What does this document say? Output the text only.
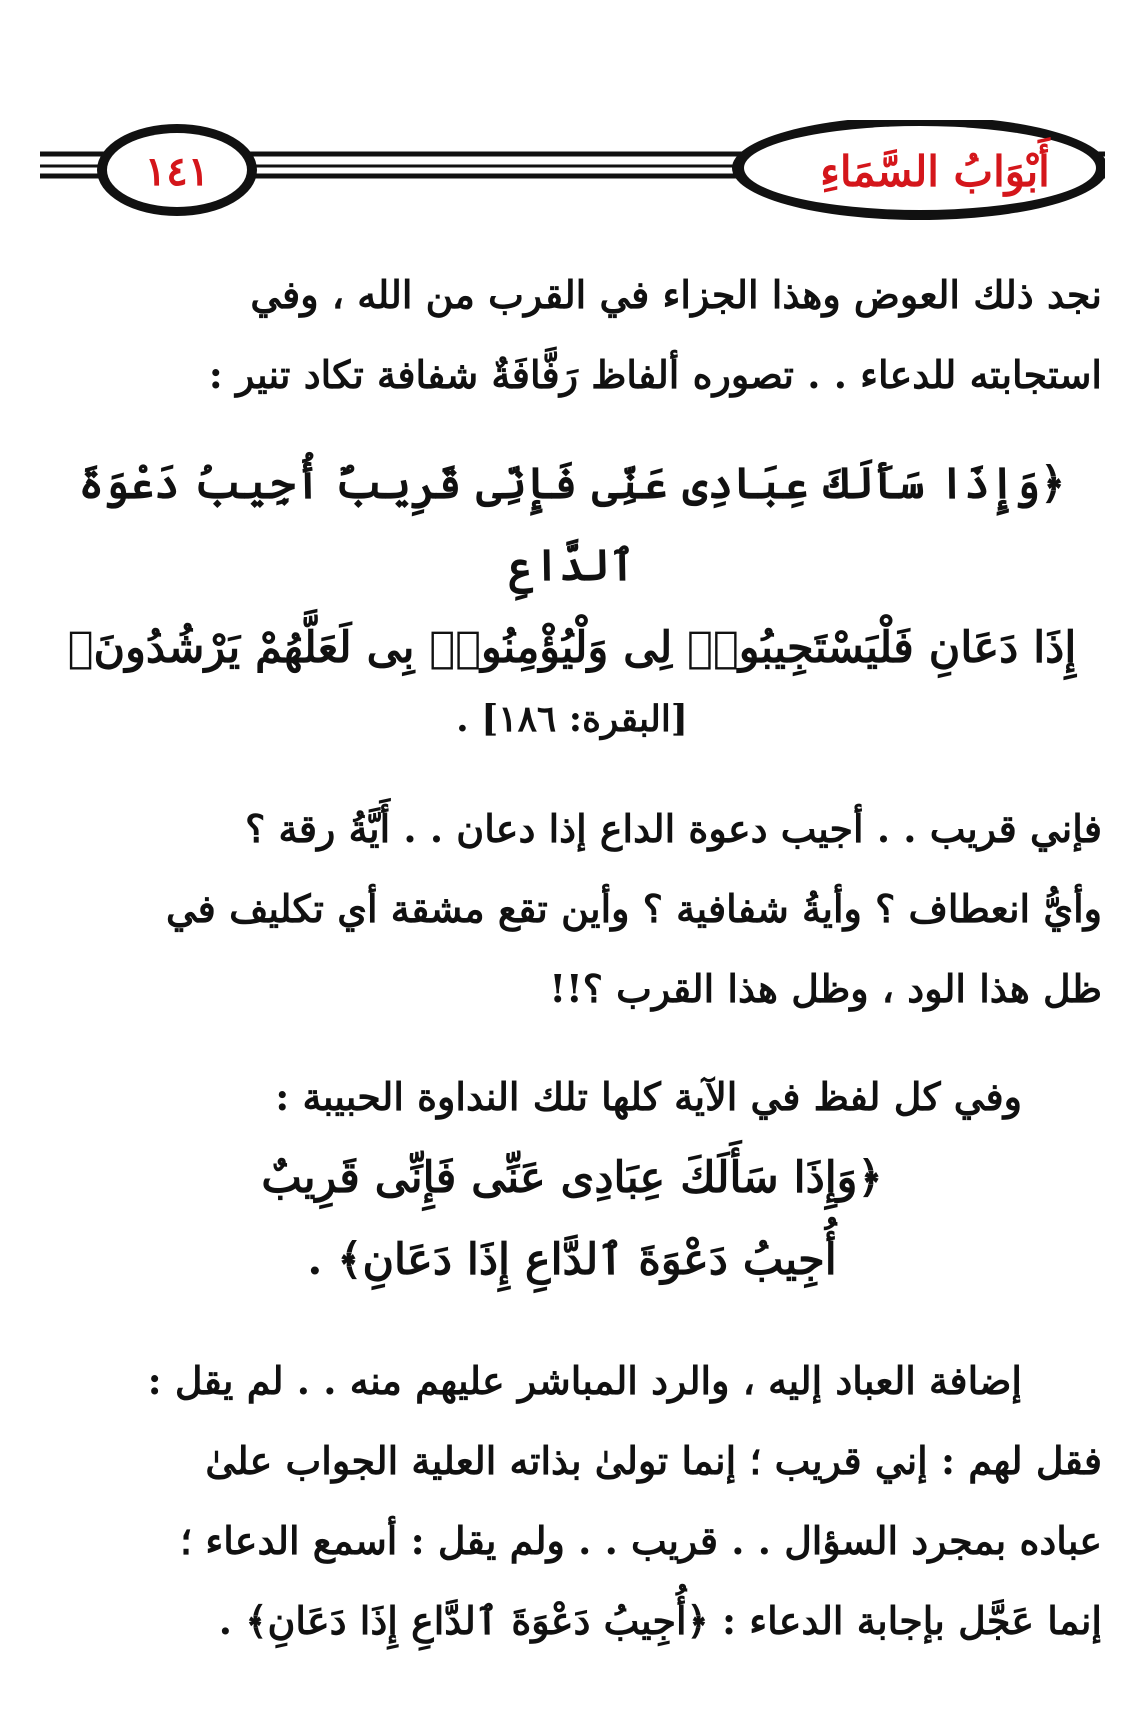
١٤١	أَبْوَابُ السَّمَاءِ

نجد ذلك العوض وهذا الجزاء في القرب من الله ، وفي

استجابته للدعاء . . تصوره ألفاظ رَفَّافَةٌ شفافة تكاد تنير :

﴿وَإِذَا سَأَلَكَ عِبَادِى عَنِّى فَإِنِّى قَرِيبٌ أُجِيبُ دَعْوَةَ ٱلدَّاعِ

إِذَا دَعَانِ فَلْيَسْتَجِيبُوا۟ لِى وَلْيُؤْمِنُوا۟ بِى لَعَلَّهُمْ يَرْشُدُونَ﴾

[البقرة: ١٨٦] .

فإني قريب . . أجيب دعوة الداع إذا دعان . . أَيَّةُ رقة ؟

وأيُّ انعطاف ؟ وأيةُ شفافية ؟ وأين تقع مشقة أي تكليف في

ظل هذا الود ، وظل هذا القرب ؟!!

وفي كل لفظ في الآية كلها تلك النداوة الحبيبة :

﴿وَإِذَا سَأَلَكَ عِبَادِى عَنِّى فَإِنِّى قَرِيبٌ

أُجِيبُ دَعْوَةَ ٱلدَّاعِ إِذَا دَعَانِ﴾ .

إضافة العباد إليه ، والرد المباشر عليهم منه . . لم يقل :

فقل لهم : إني قريب ؛ إنما تولىٰ بذاته العلية الجواب علىٰ

عباده بمجرد السؤال . . قريب . . ولم يقل : أسمع الدعاء ؛

إنما عَجَّل بإجابة الدعاء : ﴿أُجِيبُ دَعْوَةَ ٱلدَّاعِ إِذَا دَعَانِ﴾ .
